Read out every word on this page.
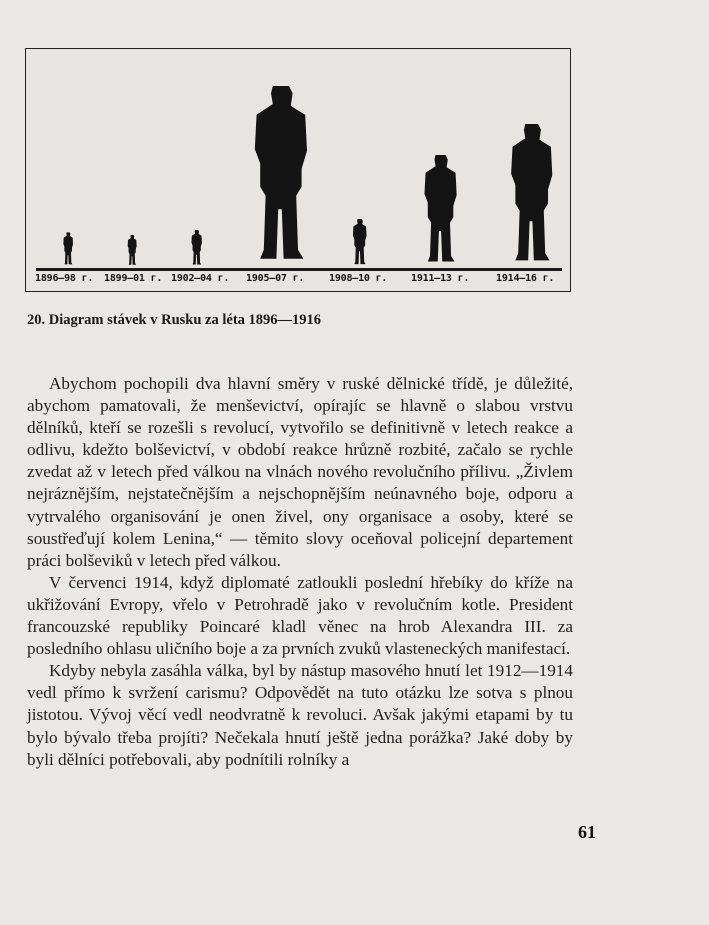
1896—98 г. 1899—01 г. 1902—04 г. 1905—07 г. 1908—10 г. 1911—13 г.	1914—16 г.
20. Diagram stávek v Rusku za léta 1896—1916

Abychom pochopili dva hlavní směry v ruské dělnické třídě, je důležité, abychom pamatovali, že menševictví, opírajíc se hlavně o slabou vrstvu dělníků, kteří se rozešli s revolucí, vytvořilo se definitivně v letech reakce a odlivu, kdežto bolševictví, v období reakce hrůzně rozbité, začalo se rychle zvedat až v letech před válkou na vlnách nového revolučního přílivu. „Živlem nejráznějším, nejstatečnějším a nejschopnějším neúnavného boje, odporu a vytrvalého organisování je onen živel, ony organisace a osoby, které se soustřeďují kolem Lenina,“ — těmito slovy oceňoval policejní departement práci bolševiků v letech před válkou.

V červenci 1914, když diplomaté zatloukli poslední hřebíky do kříže na ukřižování Evropy, vřelo v Petrohradě jako v revolučním kotle. President francouzské republiky Poincaré kladl věnec na hrob Alexandra III. za posledního ohlasu uličního boje a za prvních zvuků vlasteneckých manifestací.

Kdyby nebyla zasáhla válka, byl by nástup masového hnutí let 1912—1914 vedl přímo k svržení carismu? Odpovědět na tuto otázku lze sotva s plnou jistotou. Vývoj věcí vedl neodvratně k revoluci. Avšak jakými etapami by tu bylo bývalo třeba projíti? Nečekala hnutí ještě jedna porážka? Jaké doby by byli dělníci potřebovali, aby podnítili rolníky a

61
